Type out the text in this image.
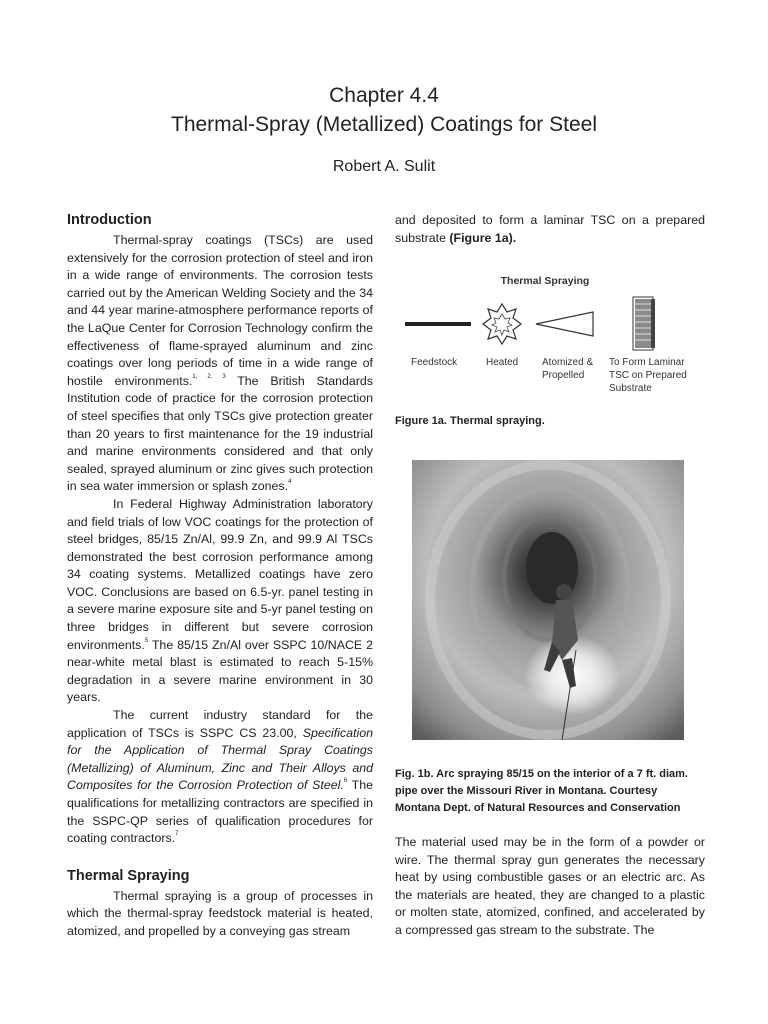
Chapter 4.4
Thermal-Spray (Metallized) Coatings for Steel
Robert A. Sulit
Introduction

Thermal-spray coatings (TSCs) are used extensively for the corrosion protection of steel and iron in a wide range of environments. The corrosion tests carried out by the American Welding Society and the 34 and 44 year marine-atmosphere performance reports of the LaQue Center for Corrosion Technology confirm the effectiveness of flame-sprayed aluminum and zinc coatings over long periods of time in a wide range of hostile environments.$^{1, 2, 3}$ The British Standards Institution code of practice for the corrosion protection of steel specifies that only TSCs give protection greater than 20 years to first maintenance for the 19 industrial and marine environments considered and that only sealed, sprayed aluminum or zinc gives such protection in sea water immersion or splash zones.$^4$

In Federal Highway Administration laboratory and field trials of low VOC coatings for the protection of steel bridges, 85/15 Zn/Al, 99.9 Zn, and 99.9 Al TSCs demonstrated the best corrosion performance among 34 coating systems. Metallized coatings have zero VOC. Conclusions are based on 6.5-yr. panel testing in a severe marine exposure site and 5-yr panel testing on three bridges in different but severe corrosion environments.$^5$ The 85/15 Zn/Al over SSPC 10/NACE 2 near-white metal blast is estimated to reach 5-15% degradation in a severe marine environment in 30 years.

The current industry standard for the application of TSCs is SSPC CS 23.00, Specification for the Application of Thermal Spray Coatings (Metallizing) of Aluminum, Zinc and Their Alloys and Composites for the Corrosion Protection of Steel.$^6$ The qualifications for metallizing contractors are specified in the SSPC-QP series of qualification procedures for coating contractors.$^7$

Thermal Spraying

Thermal spraying is a group of processes in which the thermal-spray feedstock material is heated, atomized, and propelled by a conveying gas stream

and deposited to form a laminar TSC on a prepared substrate (Figure 1a).

Thermal Spraying
Feedstock	Heated Atomized &
Propelled
To Form Laminar
TSC on Prepared
Substrate
Figure 1a. Thermal spraying.
Fig. 1b. Arc spraying 85/15 on the interior of a 7 ft. diam. pipe over the Missouri River in Montana. Courtesy Montana Dept. of Natural Resources and Conservation

The material used may be in the form of a powder or wire. The thermal spray gun generates the necessary heat by using combustible gases or an electric arc. As the materials are heated, they are changed to a plastic or molten state, atomized, confined, and accelerated by a compressed gas stream to the substrate. The
